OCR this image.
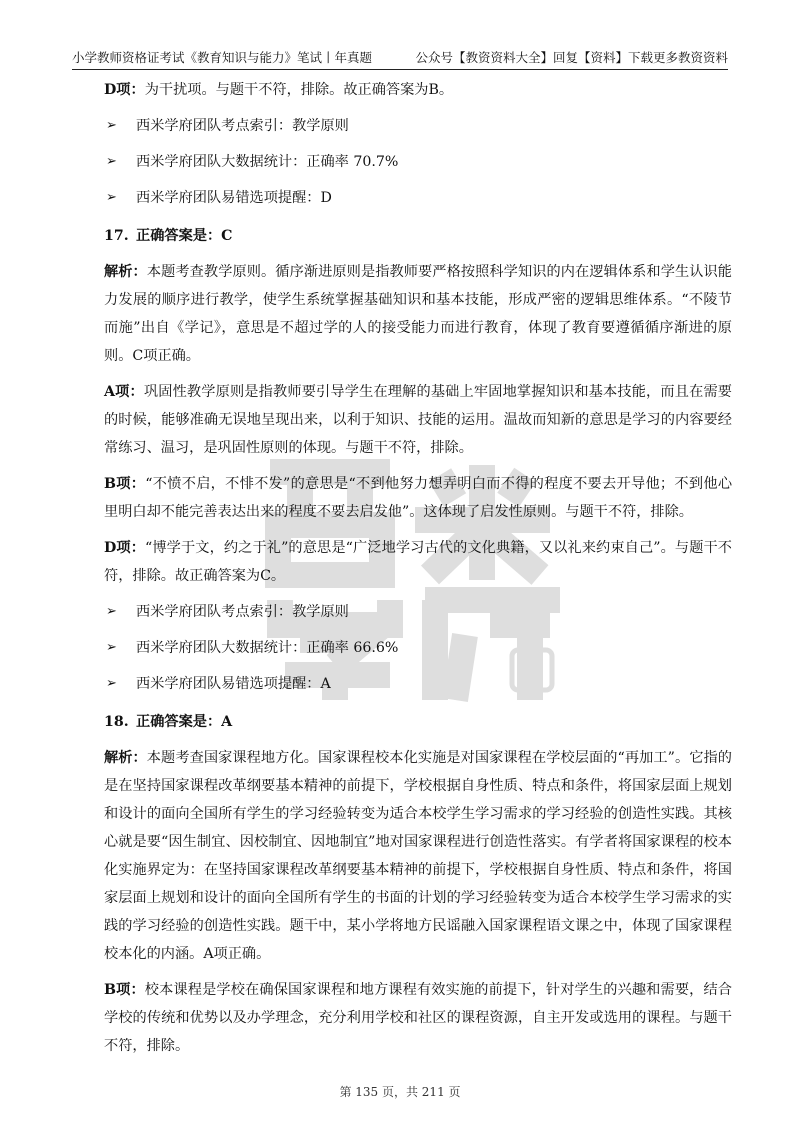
小学教师资格证考试《教育知识与能力》笔试丨年真题	公众号【教资资料大全】回复【资料】下载更多教资资料
印

D项：为干扰项。与题干不符，排除。故正确答案为B。

➢	西米学府团队考点索引：教学原则
➢	西米学府团队大数据统计：正确率 70.7%
➢	西米学府团队易错选项提醒：D
17. 正确答案是：C

解析：本题考查教学原则。循序渐进原则是指教师要严格按照科学知识的内在逻辑体系和学生认识能力发展的顺序进行教学，使学生系统掌握基础知识和基本技能，形成严密的逻辑思维体系。“不陵节而施”出自《学记》，意思是不超过学的人的接受能力而进行教育，体现了教育要遵循循序渐进的原则。C项正确。

A项：巩固性教学原则是指教师要引导学生在理解的基础上牢固地掌握知识和基本技能，而且在需要的时候，能够准确无误地呈现出来，以利于知识、技能的运用。温故而知新的意思是学习的内容要经常练习、温习，是巩固性原则的体现。与题干不符，排除。

B项：“不愤不启，不悱不发”的意思是“不到他努力想弄明白而不得的程度不要去开导他；不到他心里明白却不能完善表达出来的程度不要去启发他”。这体现了启发性原则。与题干不符，排除。

D项：“博学于文，约之于礼”的意思是“广泛地学习古代的文化典籍，又以礼来约束自己”。与题干不符，排除。故正确答案为C。

➢	西米学府团队考点索引：教学原则
➢	西米学府团队大数据统计：正确率 66.6%
➢	西米学府团队易错选项提醒：A
18. 正确答案是：A

解析：本题考查国家课程地方化。国家课程校本化实施是对国家课程在学校层面的“再加工”。它指的是在坚持国家课程改革纲要基本精神的前提下，学校根据自身性质、特点和条件，将国家层面上规划和设计的面向全国所有学生的学习经验转变为适合本校学生学习需求的学习经验的创造性实践。其核心就是要“因生制宜、因校制宜、因地制宜”地对国家课程进行创造性落实。有学者将国家课程的校本化实施界定为：在坚持国家课程改革纲要基本精神的前提下，学校根据自身性质、特点和条件，将国家层面上规划和设计的面向全国所有学生的书面的计划的学习经验转变为适合本校学生学习需求的实践的学习经验的创造性实践。题干中，某小学将地方民谣融入国家课程语文课之中，体现了国家课程校本化的内涵。A项正确。

B项：校本课程是学校在确保国家课程和地方课程有效实施的前提下，针对学生的兴趣和需要，结合学校的传统和优势以及办学理念，充分利用学校和社区的课程资源，自主开发或选用的课程。与题干不符，排除。

第 135 页，共 211 页
